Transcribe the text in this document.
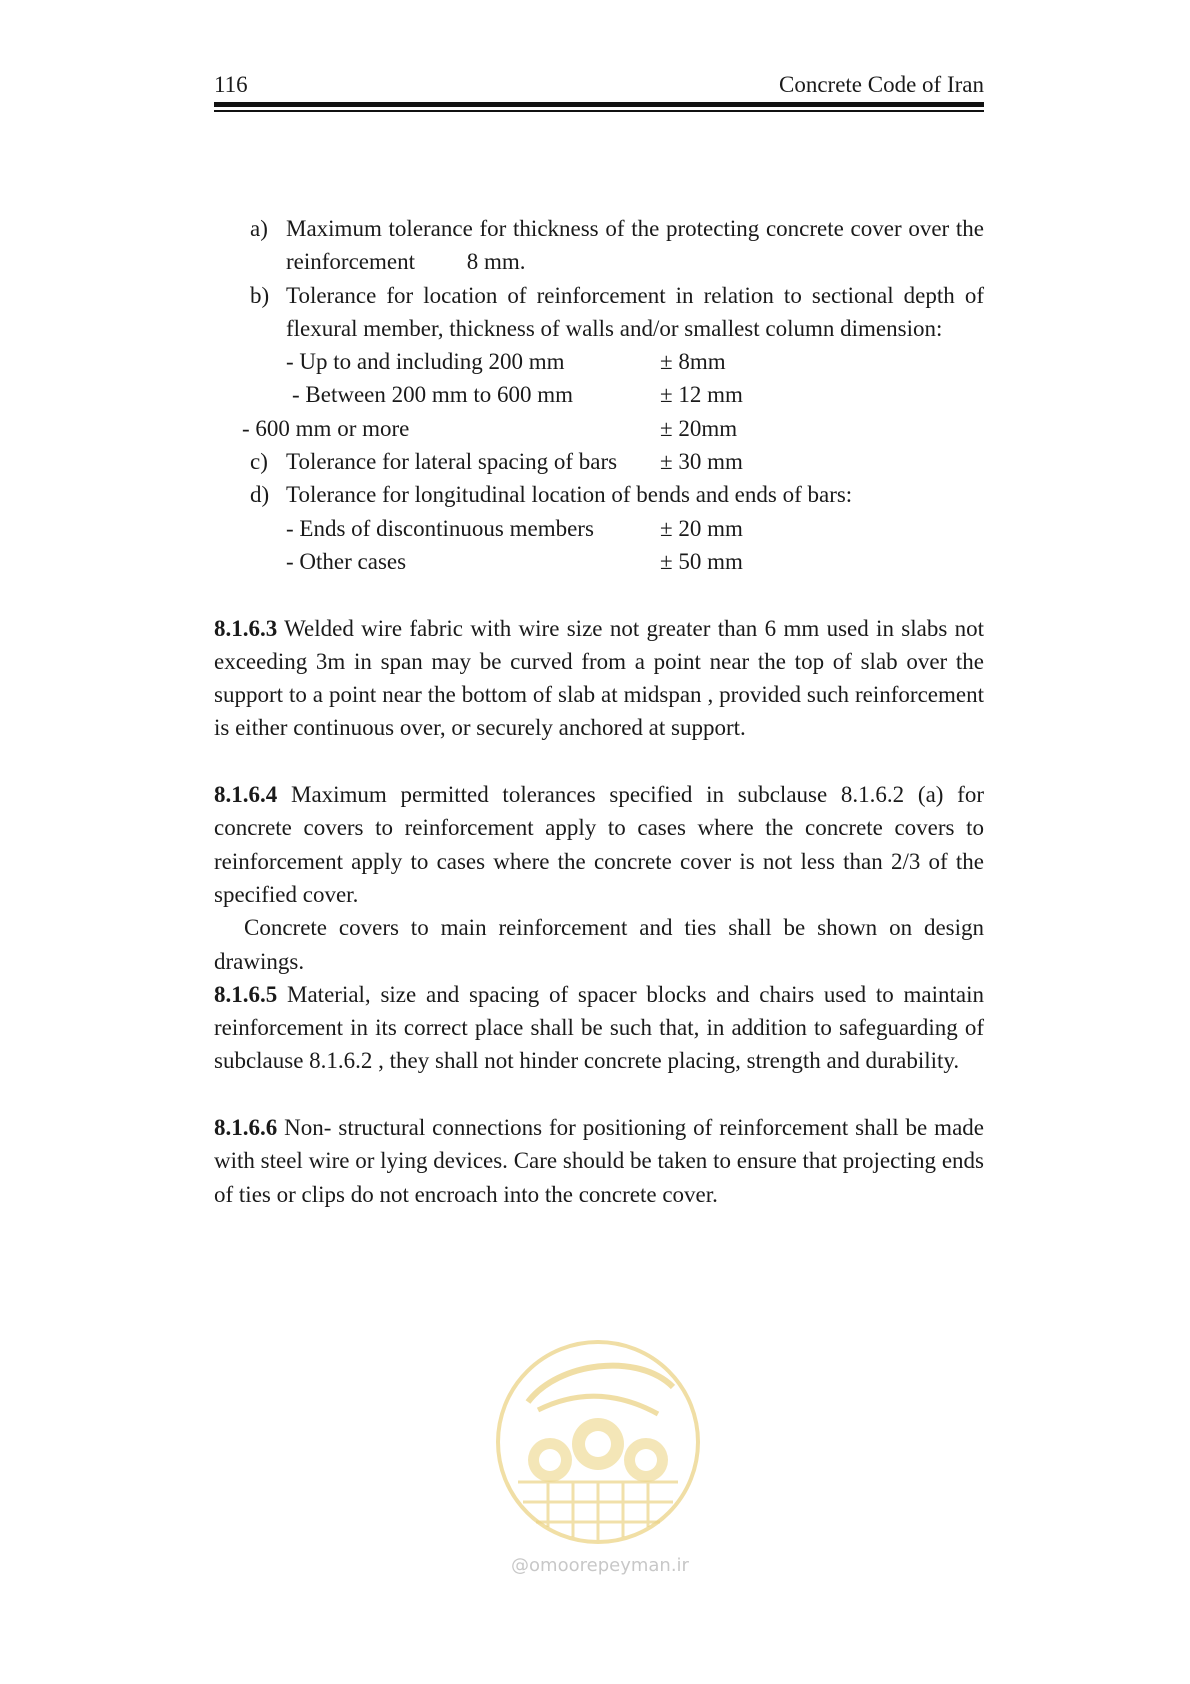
116	Concrete Code of Iran
a) Maximum tolerance for thickness of the protecting concrete cover over the reinforcement   8 mm.
b) Tolerance for location of reinforcement in relation to sectional depth of flexural member, thickness of walls and/or smallest column dimension:
- Up to and including 200 mm	± 8mm
- Between 200 mm to 600 mm	± 12 mm
- 600 mm or more	± 20mm
c) Tolerance for lateral spacing of bars ± 30 mm
d) Tolerance for longitudinal location of bends and ends of bars:
- Ends of discontinuous members	± 20 mm
- Other cases	± 50 mm

8.1.6.3 Welded wire fabric with wire size not greater than 6 mm used in slabs not exceeding 3m in span may be curved from a point near the top of slab over the support to a point near the bottom of slab at midspan , provided such reinforcement is either continuous over, or securely anchored at support.

8.1.6.4 Maximum permitted tolerances specified in subclause 8.1.6.2 (a) for concrete covers to reinforcement apply to cases where the concrete covers to reinforcement apply to cases where the concrete cover is not less than 2/3 of the specified cover.

Concrete covers to main reinforcement and ties shall be shown on design drawings.

8.1.6.5 Material, size and spacing of spacer blocks and chairs used to maintain reinforcement in its correct place shall be such that, in addition to safeguarding of subclause 8.1.6.2 , they shall not hinder concrete placing, strength and durability.

8.1.6.6 Non- structural connections for positioning of reinforcement shall be made with steel wire or lying devices. Care should be taken to ensure that projecting ends of ties or clips do not encroach into the concrete cover.

@omoorepeyman.ir
